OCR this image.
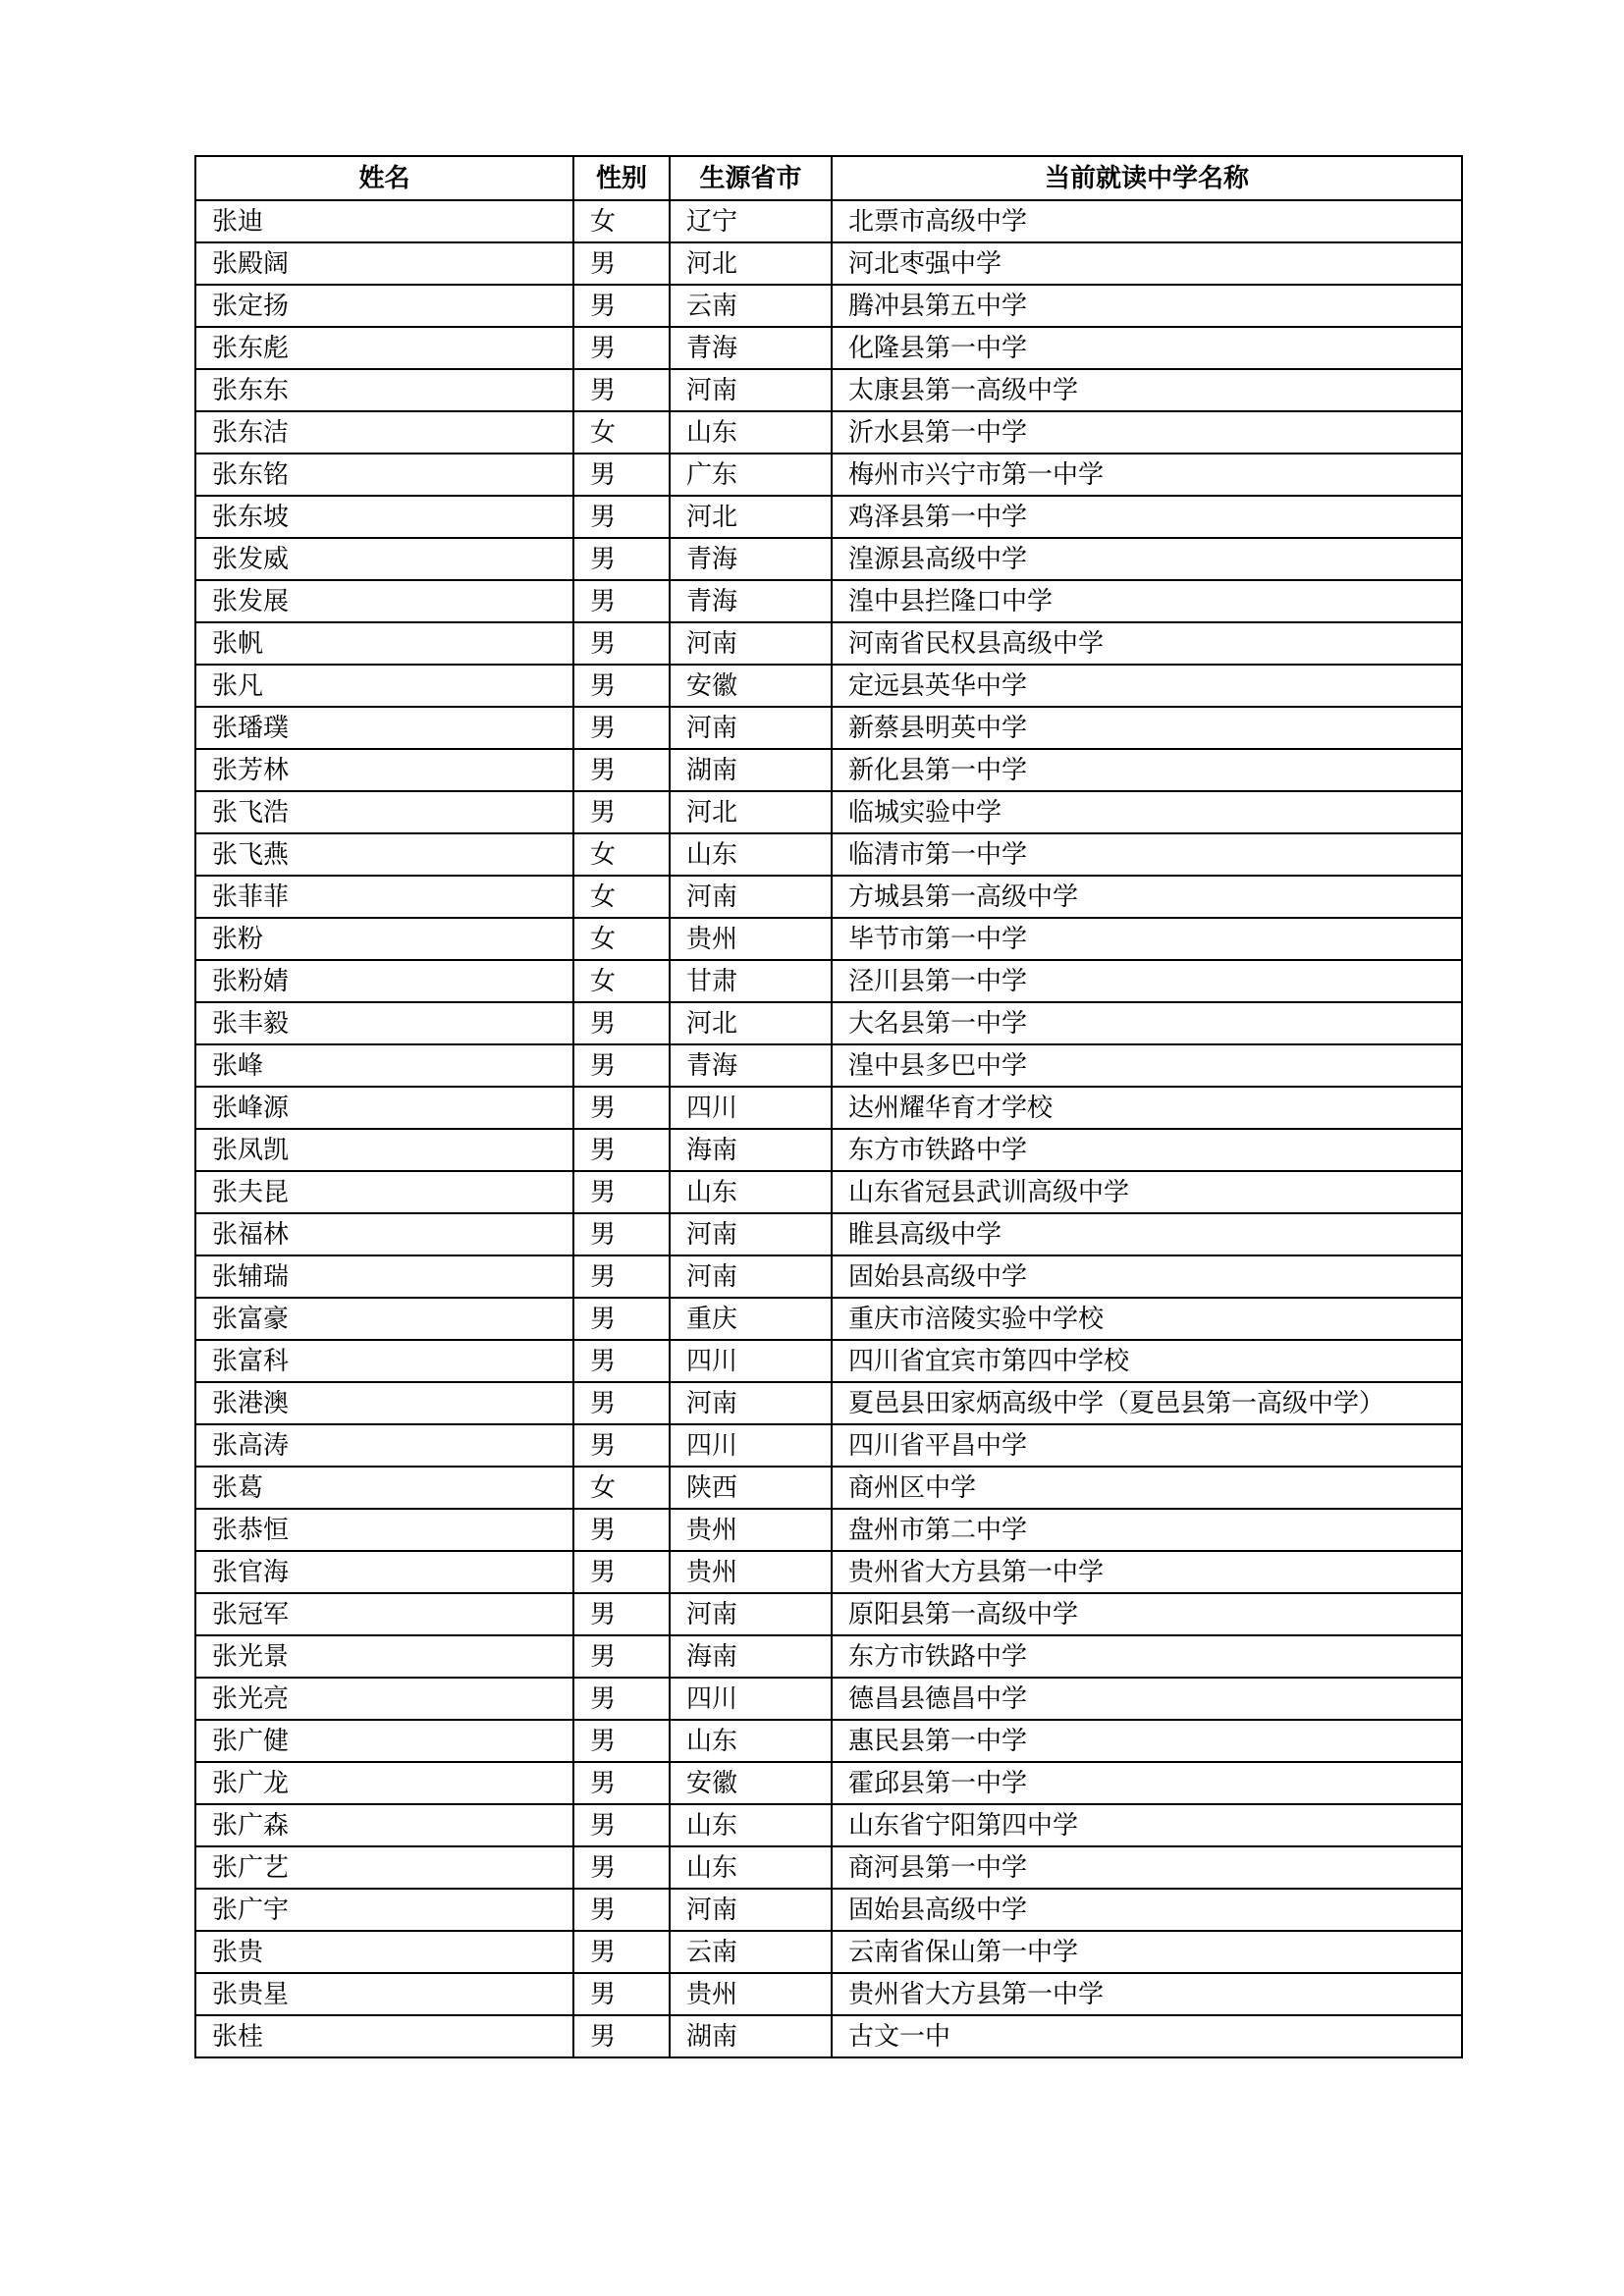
姓名	性别	生源省市	当前就读中学名称
张迪	女	辽宁	北票市高级中学
张殿阔	男	河北	河北枣强中学
张定扬	男	云南	腾冲县第五中学
张东彪	男	青海	化隆县第一中学
张东东	男	河南	太康县第一高级中学
张东洁	女	山东	沂水县第一中学
张东铭	男	广东	梅州市兴宁市第一中学
张东坡	男	河北	鸡泽县第一中学
张发威	男	青海	湟源县高级中学
张发展	男	青海	湟中县拦隆口中学
张帆	男	河南	河南省民权县高级中学
张凡	男	安徽	定远县英华中学
张璠璞	男	河南	新蔡县明英中学
张芳林	男	湖南	新化县第一中学
张飞浩	男	河北	临城实验中学
张飞燕	女	山东	临清市第一中学
张菲菲	女	河南	方城县第一高级中学
张粉	女	贵州	毕节市第一中学
张粉婧	女	甘肃	泾川县第一中学
张丰毅	男	河北	大名县第一中学
张峰	男	青海	湟中县多巴中学
张峰源	男	四川	达州耀华育才学校
张凤凯	男	海南	东方市铁路中学
张夫昆	男	山东	山东省冠县武训高级中学
张福林	男	河南	睢县高级中学
张辅瑞	男	河南	固始县高级中学
张富豪	男	重庆	重庆市涪陵实验中学校
张富科	男	四川	四川省宜宾市第四中学校
张港澳	男	河南	夏邑县田家炳高级中学（夏邑县第一高级中学）
张高涛	男	四川	四川省平昌中学
张葛	女	陕西	商州区中学
张恭恒	男	贵州	盘州市第二中学
张官海	男	贵州	贵州省大方县第一中学
张冠军	男	河南	原阳县第一高级中学
张光景	男	海南	东方市铁路中学
张光亮	男	四川	德昌县德昌中学
张广健	男	山东	惠民县第一中学
张广龙	男	安徽	霍邱县第一中学
张广森	男	山东	山东省宁阳第四中学
张广艺	男	山东	商河县第一中学
张广宇	男	河南	固始县高级中学
张贵	男	云南	云南省保山第一中学
张贵星	男	贵州	贵州省大方县第一中学
张桂	男	湖南	古文一中
